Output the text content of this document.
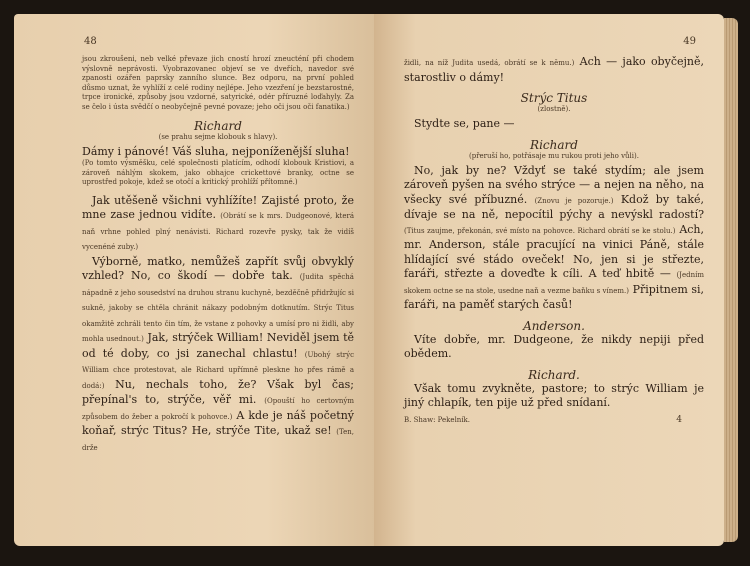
48

jsou zkroušeni, neb velké převaze jich cností hrozí zneucténí při chodem výslovně neprávosti. Vyobrazovanec objeví se ve dveřích, navedor své zpanosti ozářen paprsky zanního slunce. Bez odporu, na první pohled důsmo uznat, že vyhlíží z celé rodiny nejlépe. Jeho vzezření je bezstarostné, trpce ironické, způsoby jsou vzdorné, satyrické, odér příruzné loďahyly. Za se čelo i ústa svědčí o neobyčejně pevné povaze; jeho oči jsou oči fanatika.)

Richard
(se prahu sejme klobouk s hlavy).

Dámy i pánové! Váš sluha, nejponíženější sluha!

(Po tomto výsměšku, celé společnosti platícím, odhodí klobouk Kristiovi, a zároveň náhlým skokem, jako obhajce crickettové branky, octne se uprostřed pokoje, kdež se otočí a kritický prohlíží přítomné.)

Jak utěšeně všichni vyhlížíte! Zajisté proto, že mne zase jednou vidíte. (Obrátí se k mrs. Dudgeonové, která naň vrhne pohled plný nenávisti. Richard rozevře pysky, tak že vidíš vycenéné zuby.)

Výborně, matko, nemůžeš zapřít svůj obvyklý vzhled? No, co škodí — dobře tak. (Judita spěchá nápadně z jeho sousedství na druhou stranu kuchyně, bezděčně přidržujíc si sukně, jakoby se chtěla chránit nákazy podobným dotknutím. Strýc Titus okamžitě zchráli tento čin tím, že vstane z pohovky a umísí pro ni židli, aby mohla usednout.) Jak, strýček William! Neviděl jsem tě od té doby, co jsi zanechal chlastu! (Ubohý strýc William chce protestovat, ale Richard upřímně plesknе ho přes rámě a dodá:) Nu, nechals toho, že? Však byl čas; přepínal's to, strýče, věř mi. (Opouští ho certovným způsobem do žeber a pokročí k pohovce.) A kde je náš početný koňař, strýc Titus? He, strýče Tite, ukaž se! (Ten, drže

49

židli, na níž Judita usedá, obrátí se k němu.) Ach — jako obyčejně, starostliv o dámy!

Strýc Titus
(zlostně).

Stydte se, pane —

Richard
(přeruší ho, potřásaje mu rukou proti jeho vůli).

No, jak by ne? Vždyť se také stydím; ale jsem zároveň pyšen na svého strýce — a nejen na něho, na všecky své příbuzné. (Znovu je pozoruje.) Kdož by také, dívaje se na ně, nepocítil pýchy a nevýskl radostí? (Titus zaujme, překonán, své místo na pohovce. Richard obrátí se ke stolu.) Ach, mr. Anderson, stále pracující na vinici Páně, stále hlídající své stádo oveček! No, jen si je střezte, faráři, střezte a doveďte k cíli. A teď hbitě — (Jedním skokem octne se na stole, usedne naň a vezme baňku s vínem.) Připitnem si, faráři, na paměť starých časů!

Anderson.

Víte dobře, mr. Dudgeone, že nikdy nepiji před obědem.

Richard.

Však tomu zvykněte, pastore; to strýc William je jiný chlapík, ten pije už před snídaní.

B. Shaw: Pekelník.	4
